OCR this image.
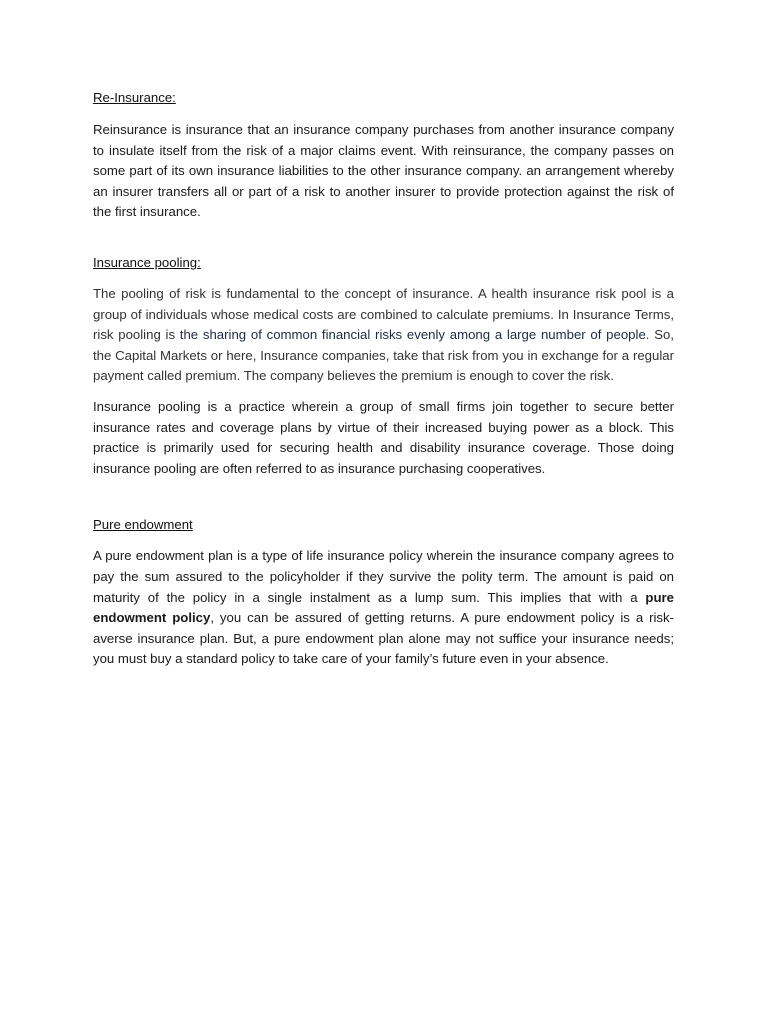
Re-Insurance:

Reinsurance is insurance that an insurance company purchases from another insurance company to insulate itself from the risk of a major claims event. With reinsurance, the company passes on some part of its own insurance liabilities to the other insurance company. an arrangement whereby an insurer transfers all or part of a risk to another insurer to provide protection against the risk of the first insurance.

Insurance pooling:

The pooling of risk is fundamental to the concept of insurance. A health insurance risk pool is a group of individuals whose medical costs are combined to calculate premiums. In Insurance Terms, risk pooling is the sharing of common financial risks evenly among a large number of people. So, the Capital Markets or here, Insurance companies, take that risk from you in exchange for a regular payment called premium. The company believes the premium is enough to cover the risk.

Insurance pooling is a practice wherein a group of small firms join together to secure better insurance rates and coverage plans by virtue of their increased buying power as a block. This practice is primarily used for securing health and disability insurance coverage. Those doing insurance pooling are often referred to as insurance purchasing cooperatives.

Pure endowment

A pure endowment plan is a type of life insurance policy wherein the insurance company agrees to pay the sum assured to the policyholder if they survive the polity term. The amount is paid on maturity of the policy in a single instalment as a lump sum. This implies that with a pure endowment policy, you can be assured of getting returns. A pure endowment policy is a risk-averse insurance plan. But, a pure endowment plan alone may not suffice your insurance needs; you must buy a standard policy to take care of your family’s future even in your absence.
